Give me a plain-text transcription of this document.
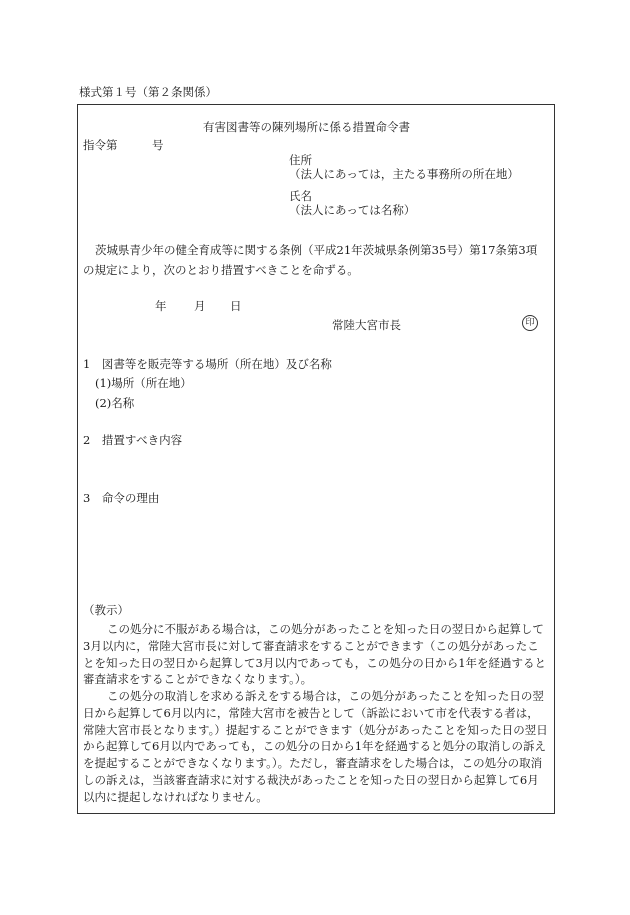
様式第１号（第２条関係）
有害図書等の陳列場所に係る措置命令書
指令第　　　号
住所
（法人にあっては，主たる事務所の所在地）
氏名
（法人にあっては名称）
茨城県青少年の健全育成等に関する条例（平成21年茨城県条例第35号）第17条第3項の規定により，次のとおり措置すべきことを命ずる。
年 月 日
常陸大宮市長	印
1　図書等を販売等する場所（所在地）及び名称
(1)場所（所在地）
(2)名称
2　措置すべき内容
3　命令の理由
（教示）
この処分に不服がある場合は，この処分があったことを知った日の翌日から起算して3月以内に，常陸大宮市長に対して審査請求をすることができます（この処分があったことを知った日の翌日から起算して3月以内であっても，この処分の日から1年を経過すると審査請求をすることができなくなります。）。
この処分の取消しを求める訴えをする場合は，この処分があったことを知った日の翌日から起算して6月以内に，常陸大宮市を被告として（訴訟において市を代表する者は，常陸大宮市長となります。）提起することができます（処分があったことを知った日の翌日から起算して6月以内であっても，この処分の日から1年を経過すると処分の取消しの訴えを提起することができなくなります。）。ただし，審査請求をした場合は，この処分の取消しの訴えは，当該審査請求に対する裁決があったことを知った日の翌日から起算して6月以内に提起しなければなりません。
